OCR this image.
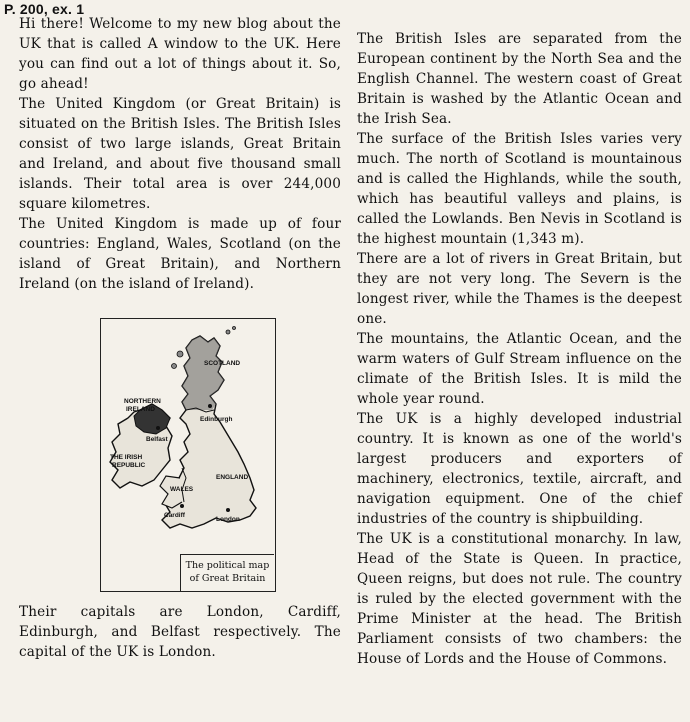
P. 200, ex. 1

Hi there! Welcome to my new blog about the UK that is called A window to the UK. Here you can find out a lot of things about it. So, go ahead!

The United Kingdom (or Great Britain) is situated on the British Isles. The British Isles consist of two large islands, Great Britain and Ireland, and about five thousand small islands. Their total area is over 244,000 square kilometres.

The United Kingdom is made up of four countries: England, Wales, Scotland (on the island of Great Britain), and Northern Ireland (on the island of Ireland).

SCOTLAND
NORTHERN
IRELAND
Edinburgh
Belfast
THE IRISH
REPUBLIC
WALES
ENGLAND
Cardiff
London
The political map
of Great Britain

Their capitals are London, Cardiff, Edinburgh, and Belfast respectively. The capital of the UK is London.

The British Isles are separated from the European continent by the North Sea and the English Channel. The western coast of Great Britain is washed by the Atlantic Ocean and the Irish Sea.

The surface of the British Isles varies very much. The north of Scotland is mountainous and is called the Highlands, while the south, which has beautiful valleys and plains, is called the Lowlands. Ben Nevis in Scotland is the highest mountain (1,343 m).

There are a lot of rivers in Great Britain, but they are not very long. The Severn is the longest river, while the Thames is the deepest one.

The mountains, the Atlantic Ocean, and the warm waters of Gulf Stream influence on the climate of the British Isles. It is mild the whole year round.

The UK is a highly developed industrial country. It is known as one of the world's largest producers and exporters of machinery, electronics, textile, aircraft, and navigation equipment. One of the chief industries of the country is shipbuilding.

The UK is a constitutional monarchy. In law, Head of the State is Queen. In practice, Queen reigns, but does not rule. The country is ruled by the elected government with the Prime Minister at the head. The British Parliament consists of two chambers: the House of Lords and the House of Commons.
